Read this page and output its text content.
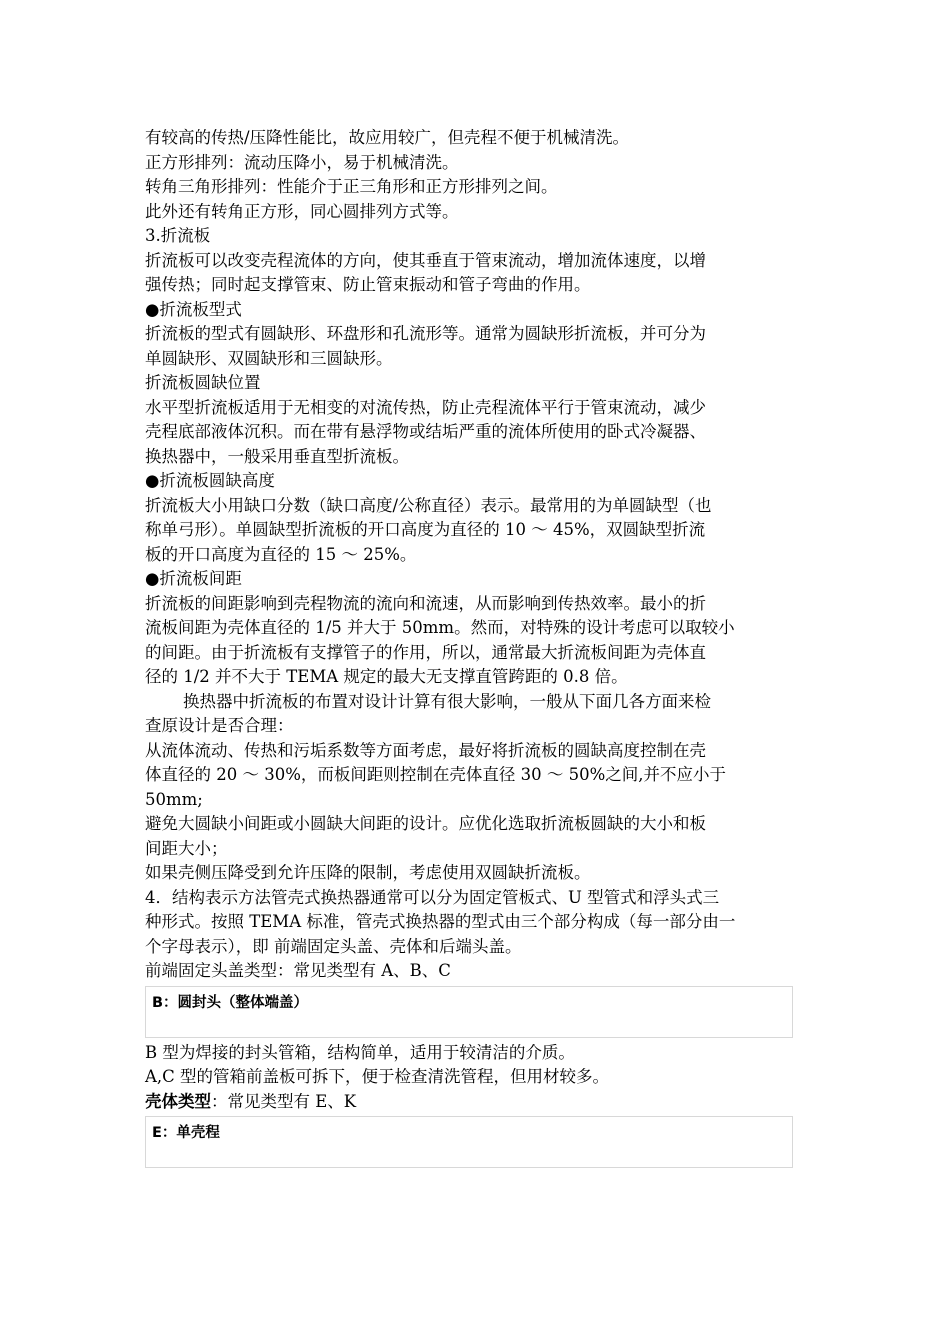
有较高的传热/压降性能比，故应用较广，但壳程不便于机械清洗。
正方形排列：流动压降小，易于机械清洗。
转角三角形排列：性能介于正三角形和正方形排列之间。
此外还有转角正方形，同心圆排列方式等。
3.折流板
折流板可以改变壳程流体的方向，使其垂直于管束流动，增加流体速度，以增
强传热；同时起支撑管束、防止管束振动和管子弯曲的作用。
●折流板型式
折流板的型式有圆缺形、环盘形和孔流形等。通常为圆缺形折流板，并可分为
单圆缺形、双圆缺形和三圆缺形。
折流板圆缺位置
水平型折流板适用于无相变的对流传热，防止壳程流体平行于管束流动，减少
壳程底部液体沉积。而在带有悬浮物或结垢严重的流体所使用的卧式冷凝器、
换热器中，一般采用垂直型折流板。
●折流板圆缺高度
折流板大小用缺口分数（缺口高度/公称直径）表示。最常用的为单圆缺型（也
称单弓形）。单圆缺型折流板的开口高度为直径的 10 ～ 45%，双圆缺型折流
板的开口高度为直径的 15 ～ 25%。
●折流板间距
折流板的间距影响到壳程物流的流向和流速，从而影响到传热效率。最小的折
流板间距为壳体直径的 1/5 并大于 50mm。然而，对特殊的设计考虑可以取较小
的间距。由于折流板有支撑管子的作用，所以，通常最大折流板间距为壳体直
径的 1/2 并不大于 TEMA 规定的最大无支撑直管跨距的 0.8 倍。
换热器中折流板的布置对设计计算有很大影响，一般从下面几各方面来检
查原设计是否合理：
从流体流动、传热和污垢系数等方面考虑，最好将折流板的圆缺高度控制在壳
体直径的 20 ～ 30%，而板间距则控制在壳体直径 30 ～ 50%之间,并不应小于
50mm;
避免大圆缺小间距或小圆缺大间距的设计。应优化选取折流板圆缺的大小和板
间距大小；
如果壳侧压降受到允许压降的限制，考虑使用双圆缺折流板。
4．结构表示方法管壳式换热器通常可以分为固定管板式、U 型管式和浮头式三
种形式。按照 TEMA 标准，管壳式换热器的型式由三个部分构成（每一部分由一
个字母表示），即 前端固定头盖、壳体和后端头盖。
前端固定头盖类型：常见类型有 A、B、C
B：圆封头（整体端盖）
B 型为焊接的封头管箱，结构简单，适用于较清洁的介质。
A,C 型的管箱前盖板可拆下，便于检查清洗管程，但用材较多。
壳体类型：常见类型有 E、K
E：单壳程
